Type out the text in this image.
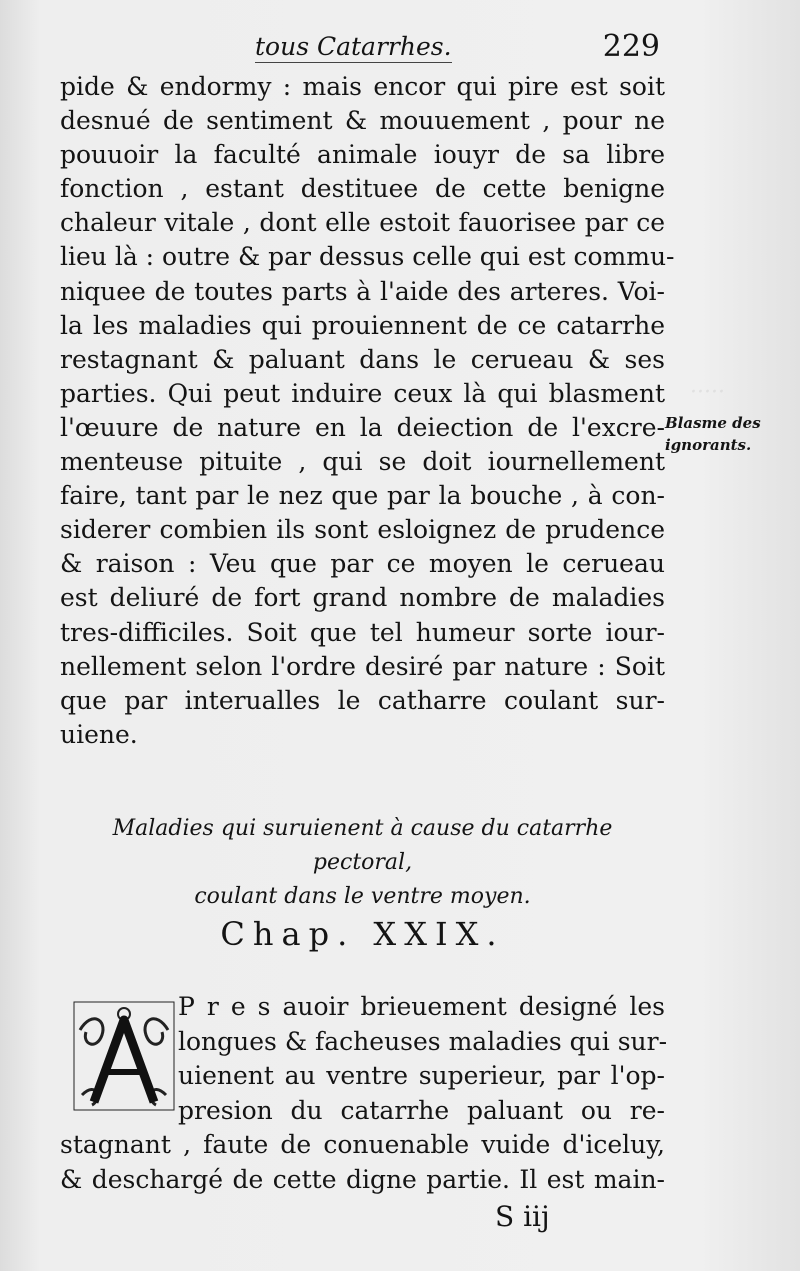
·····
tous Catarrhes.	229
pide & endormy : mais encor qui pire est soit
desnué de sentiment & mouuement , pour ne
pouuoir la faculté animale iouyr de sa libre
fonction , estant destituee de cette benigne
chaleur vitale , dont elle estoit fauorisee par ce
lieu là : outre & par dessus celle qui est commu-
niquee de toutes parts à l'aide des arteres. Voi-
la les maladies qui prouiennent de ce catarrhe
restagnant & paluant dans le cerueau & ses
parties. Qui peut induire ceux là qui blasment
l'œuure de nature en la deiection de l'excre-
menteuse pituite , qui se doit iournellement
faire, tant par le nez que par la bouche , à con-
siderer combien ils sont esloignez de prudence
& raison : Veu que par ce moyen le cerueau
est deliuré de fort grand nombre de maladies
tres-difficiles. Soit que tel humeur sorte iour-
nellement selon l'ordre desiré par nature : Soit
que par interualles le catharre coulant sur-
uiene.
Blasme des
ignorants.
Maladies qui suruienent à cause du catarrhe pectoral,
coulant dans le ventre moyen.
Chap. XXIX.
P r e s auoir brieuement designé les
longues & facheuses maladies qui sur-
uienent au ventre superieur, par l'op-
presion du catarrhe paluant ou re-
stagnant , faute de conuenable vuide d'iceluy,
& deschargé de cette digne partie. Il est main-
S iij
